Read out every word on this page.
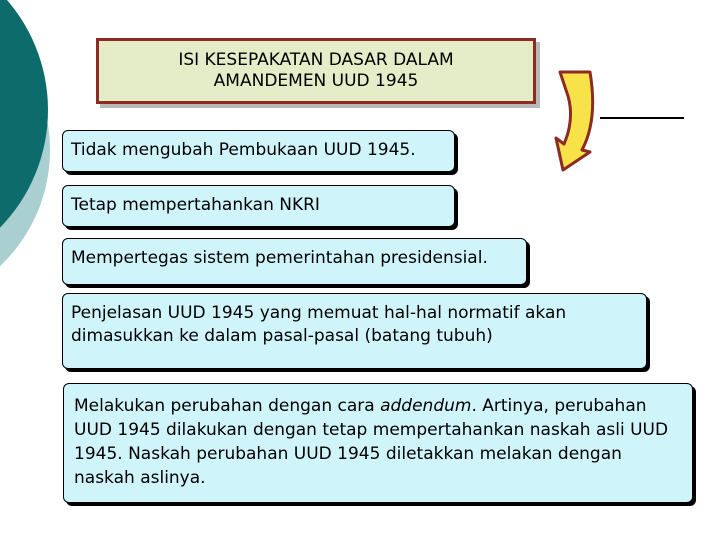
ISI KESEPAKATAN DASAR DALAM
AMANDEMEN UUD 1945
Tidak mengubah Pembukaan UUD 1945.
Tetap mempertahankan NKRI
Mempertegas sistem pemerintahan presidensial.
Penjelasan UUD 1945 yang memuat hal-hal normatif akan dimasukkan ke dalam pasal-pasal (batang tubuh)
Melakukan perubahan dengan cara addendum. Artinya, perubahan UUD 1945 dilakukan dengan tetap mempertahankan naskah asli UUD 1945. Naskah perubahan UUD 1945 diletakkan melakan dengan naskah aslinya.
